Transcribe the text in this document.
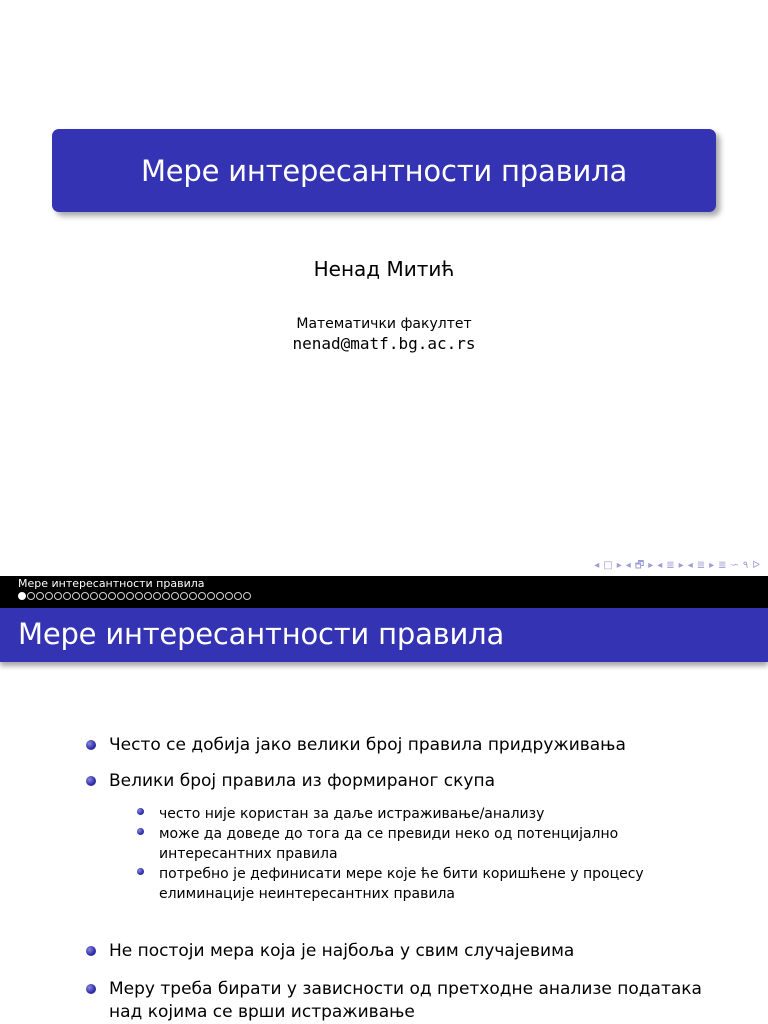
Мере интересантности правила
Ненад Митић
Математички факултет
nenad@matf.bg.ac.rs
◂ □ ▸ ◂ 🗗 ▸ ◂ ≣ ▸ ◂ ≣ ▸ ≣ ∽ ۹ ᐅ
Мере интересантности правила
Мере интересантности правила
Често се добија јако велики број правила придруживања
Велики број правила из формираног скупа
често није користан за даље истраживање/анализу
може да доведе до тога да се превиди неко од потенцијално интересантних правила
потребно је дефинисати мере које ће бити коришћене у процесу елиминације неинтересантних правила
Не постоји мера која је најбоља у свим случајевима
Меру треба бирати у зависности од претходне анализе података над којима се врши истраживање
